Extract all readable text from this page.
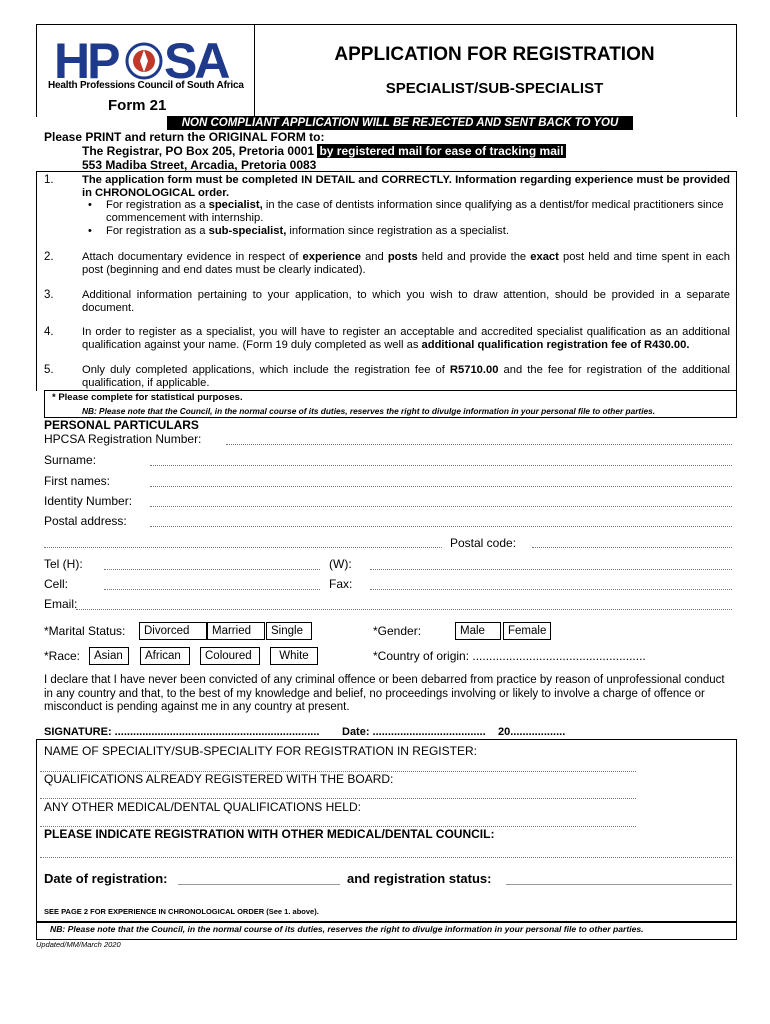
HP SA
Health Professions Council of South Africa
Form 21
APPLICATION FOR REGISTRATION
SPECIALIST/SUB-SPECIALIST
NON COMPLIANT APPLICATION WILL BE REJECTED AND SENT BACK TO YOU
Please PRINT and return the ORIGINAL FORM to:
The Registrar, PO Box 205, Pretoria 0001 by registered mail for ease of tracking mail
553 Madiba Street, Arcadia, Pretoria 0083
1.	The application form must be completed IN DETAIL and CORRECTLY. Information regarding experience must be provided in CHRONOLOGICAL order.
• For registration as a specialist, in the case of dentists information since qualifying as a dentist/for medical practitioners since commencement with internship.
• For registration as a sub-specialist, information since registration as a specialist.
2.	Attach documentary evidence in respect of experience and posts held and provide the exact post held and time spent in each post (beginning and end dates must be clearly indicated).
3.	Additional information pertaining to your application, to which you wish to draw attention, should be provided in a separate document.
4.	In order to register as a specialist, you will have to register an acceptable and accredited specialist qualification as an additional qualification against your name. (Form 19 duly completed as well as additional qualification registration fee of R430.00.
5.	Only duly completed applications, which include the registration fee of R5710.00 and the fee for registration of the additional qualification, if applicable.
* Please complete for statistical purposes.
NB: Please note that the Council, in the normal course of its duties, reserves the right to divulge information in your personal file to other parties.
PERSONAL PARTICULARS
HPCSA Registration Number:
Surname:
First names:
Identity Number:
Postal address:
Postal code:
Tel (H):	(W):
Cell:	Fax:
Email:
*Marital Status:	Divorced	Married	Single	*Gender:	Male	Female
*Race:	Asian	African	Coloured	White	*Country of origin: ....................................................
I declare that I have never been convicted of any criminal offence or been debarred from practice by reason of unprofessional conduct in any country and that, to the best of my knowledge and belief, no proceedings involving or likely to involve a charge of offence or misconduct is pending against me in any country at present.
SIGNATURE: ................................................................... Date: ..................................... 20..................
NAME OF SPECIALITY/SUB-SPECIALITY FOR REGISTRATION IN REGISTER:
QUALIFICATIONS ALREADY REGISTERED WITH THE BOARD:
ANY OTHER MEDICAL/DENTAL QUALIFICATIONS HELD:
PLEASE INDICATE REGISTRATION WITH OTHER MEDICAL/DENTAL COUNCIL:
Date of registration:	and registration status:
SEE PAGE 2 FOR EXPERIENCE IN CHRONOLOGICAL ORDER (See 1. above).
NB: Please note that the Council, in the normal course of its duties, reserves the right to divulge information in your personal file to other parties.
Updated/MM/March 2020
